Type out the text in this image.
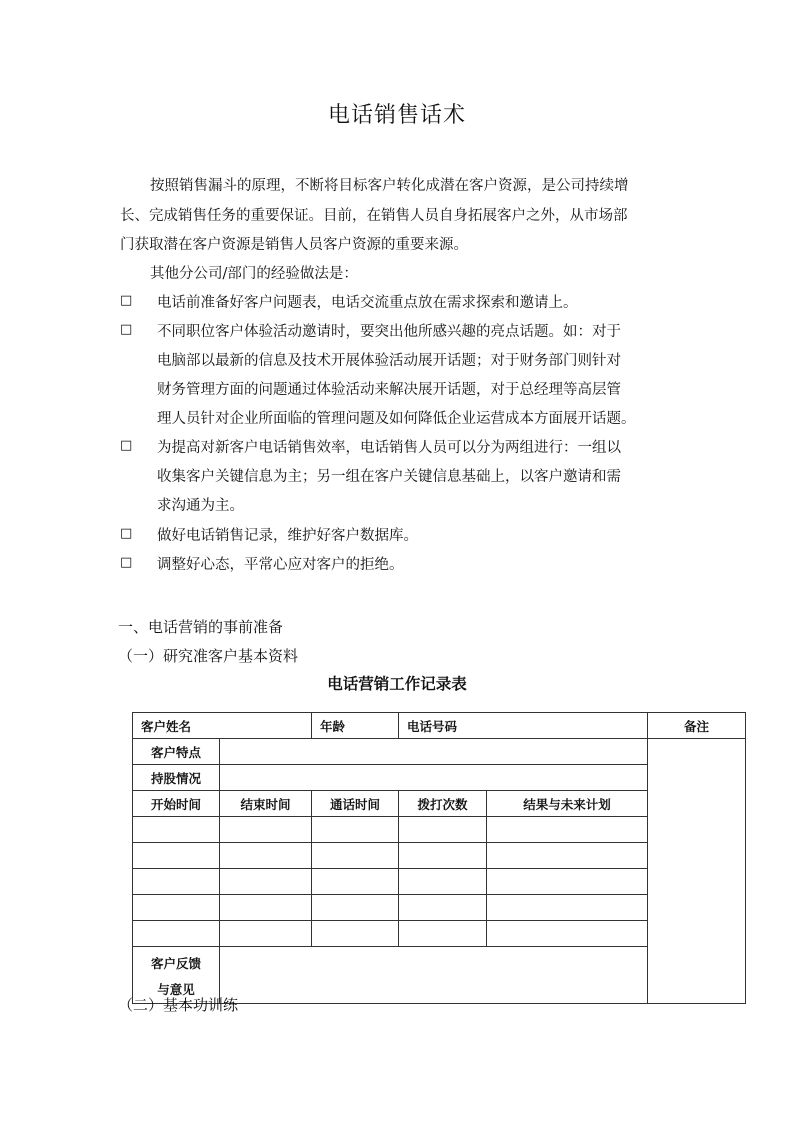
电话销售话术
按照销售漏斗的原理，不断将目标客户转化成潜在客户资源，是公司持续增
长、完成销售任务的重要保证。目前，在销售人员自身拓展客户之外，从市场部
门获取潜在客户资源是销售人员客户资源的重要来源。
其他分公司/部门的经验做法是：
□ 电话前准备好客户问题表，电话交流重点放在需求探索和邀请上。
□ 不同职位客户体验活动邀请时，要突出他所感兴趣的亮点话题。如：对于
电脑部以最新的信息及技术开展体验活动展开话题；对于财务部门则针对
财务管理方面的问题通过体验活动来解决展开话题，对于总经理等高层管
理人员针对企业所面临的管理问题及如何降低企业运营成本方面展开话题。
□ 为提高对新客户电话销售效率，电话销售人员可以分为两组进行：一组以
收集客户关键信息为主；另一组在客户关键信息基础上，以客户邀请和需
求沟通为主。
□ 做好电话销售记录，维护好客户数据库。
□ 调整好心态，平常心应对客户的拒绝。
一、电话营销的事前准备
（一）研究准客户基本资料
电话营销工作记录表
客户姓名		年龄	电话号码		备注
客户特点					
持股情况					
开始时间	结束时间	通话时间	拨打次数	结果与未来计划	

客户反馈
与意见					
（二）基本功训练
